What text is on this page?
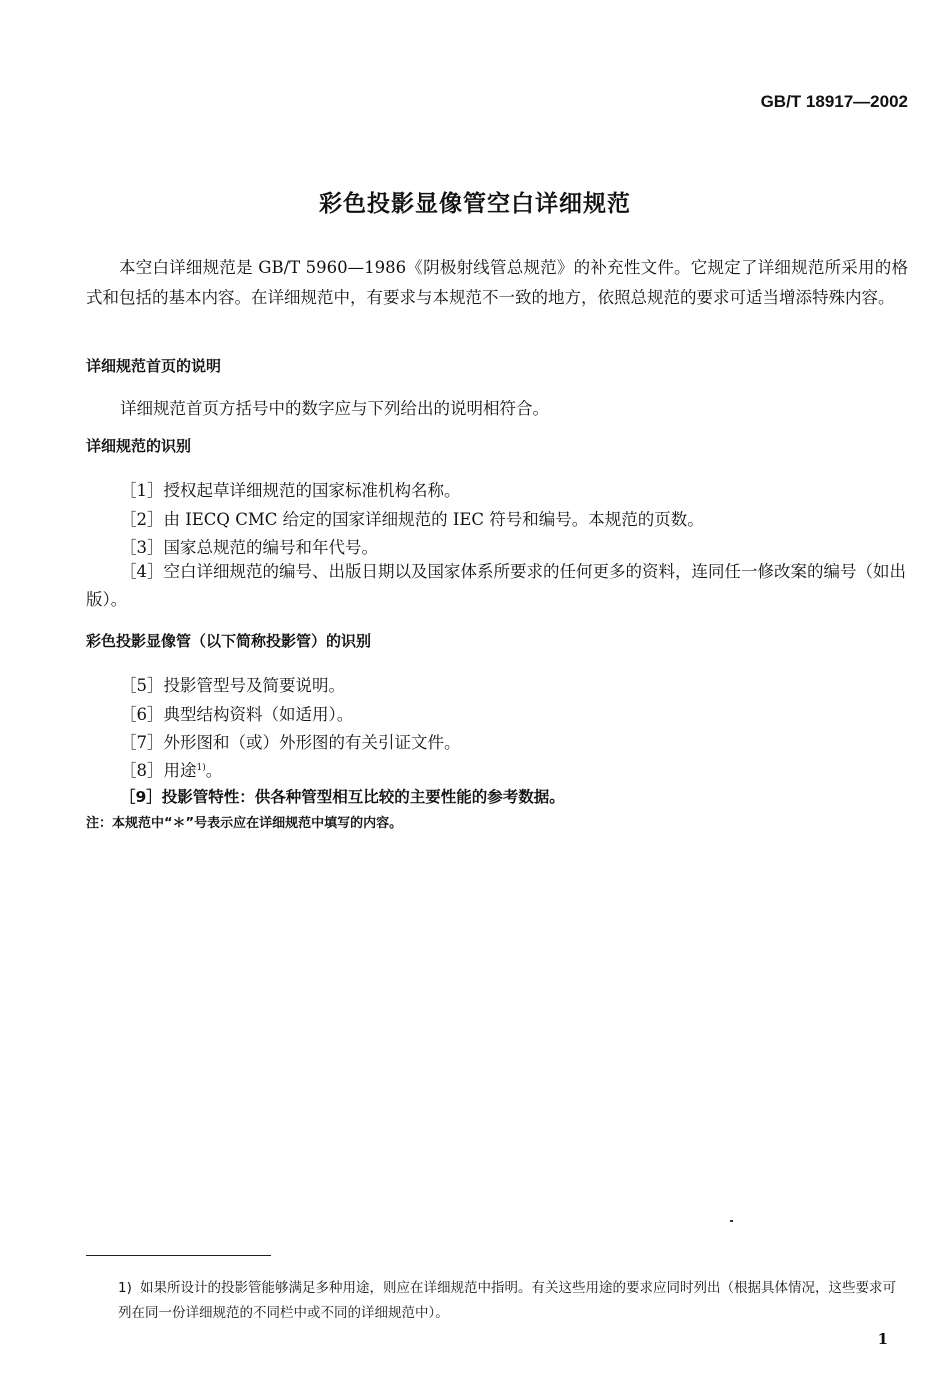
GB/T 18917—2002
彩色投影显像管空白详细规范

本空白详细规范是 GB/T 5960—1986《阴极射线管总规范》的补充性文件。它规定了详细规范所采用的格式和包括的基本内容。在详细规范中，有要求与本规范不一致的地方，依照总规范的要求可适当增添特殊内容。

详细规范首页的说明
详细规范首页方括号中的数字应与下列给出的说明相符合。
详细规范的识别
［1］授权起草详细规范的国家标准机构名称。
［2］由 IECQ CMC 给定的国家详细规范的 IEC 符号和编号。本规范的页数。
［3］国家总规范的编号和年代号。
［4］空白详细规范的编号、出版日期以及国家体系所要求的任何更多的资料，连同任一修改案的编号（如出版）。
彩色投影显像管（以下简称投影管）的识别
［5］投影管型号及简要说明。
［6］典型结构资料（如适用）。
［7］外形图和（或）外形图的有关引证文件。
［8］用途$^{1)}$。
［9］投影管特性：供各种管型相互比较的主要性能的参考数据。
注：本规范中“＊”号表示应在详细规范中填写的内容。
1) 如果所设计的投影管能够满足多种用途，则应在详细规范中指明。有关这些用途的要求应同时列出（根据具体情况，这些要求可列在同一份详细规范的不同栏中或不同的详细规范中）。
1
